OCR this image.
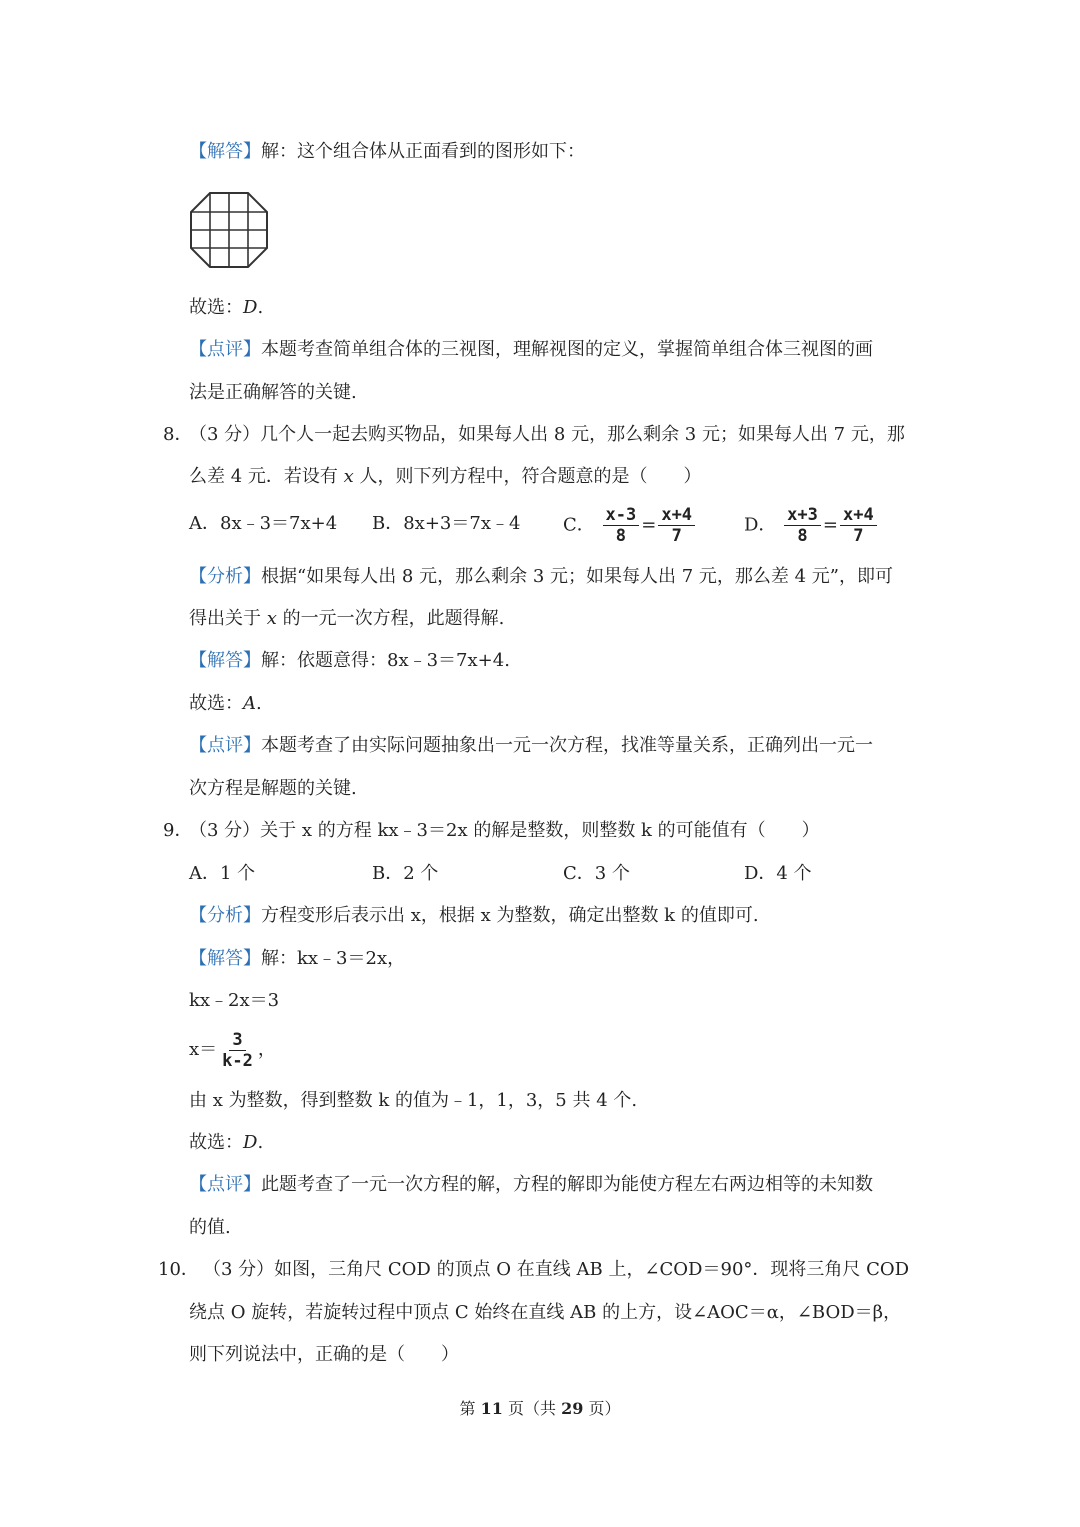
【解答】解：这个组合体从正面看到的图形如下：
故选：D.
【点评】本题考查简单组合体的三视图，理解视图的定义，掌握简单组合体三视图的画
法是正确解答的关键.
8．
（3 分）几个人一起去购买物品，如果每人出 8 元，那么剩余 3 元；如果每人出 7 元，那
么差 4 元．若设有 x 人，则下列方程中，符合题意的是（　　）
A．8x﹣3＝7x+4 B．8x+3＝7x﹣4 C． $\frac{x-3}{8} = \frac{x+4}{7}$	D． $\frac{x+3}{8} = \frac{x+4}{7}$
【分析】根据“如果每人出 8 元，那么剩余 3 元；如果每人出 7 元，那么差 4 元”，即可
得出关于 x 的一元一次方程，此题得解.
【解答】解：依题意得：8x﹣3＝7x+4.
故选：A.
【点评】本题考查了由实际问题抽象出一元一次方程，找准等量关系，正确列出一元一
次方程是解题的关键.
9．
（3 分）关于 x 的方程 kx﹣3＝2x 的解是整数，则整数 k 的可能值有（　　）
A．1 个	B．2 个	C．3 个	D．4 个
【分析】方程变形后表示出 x，根据 x 为整数，确定出整数 k 的值即可.
【解答】解：kx﹣3＝2x，
kx﹣2x＝3
$x= \frac{3}{k-2}$ ，
由 x 为整数，得到整数 k 的值为﹣1，1，3，5 共 4 个.
故选：D.
【点评】此题考查了一元一次方程的解，方程的解即为能使方程左右两边相等的未知数
的值.
10． （3 分）如图，三角尺 COD 的顶点 O 在直线 AB 上，∠COD＝90°．现将三角尺 COD
绕点 O 旋转，若旋转过程中顶点 C 始终在直线 AB 的上方，设∠AOC＝α，∠BOD＝β，
则下列说法中，正确的是（　　）
第 11 页（共 29 页）
